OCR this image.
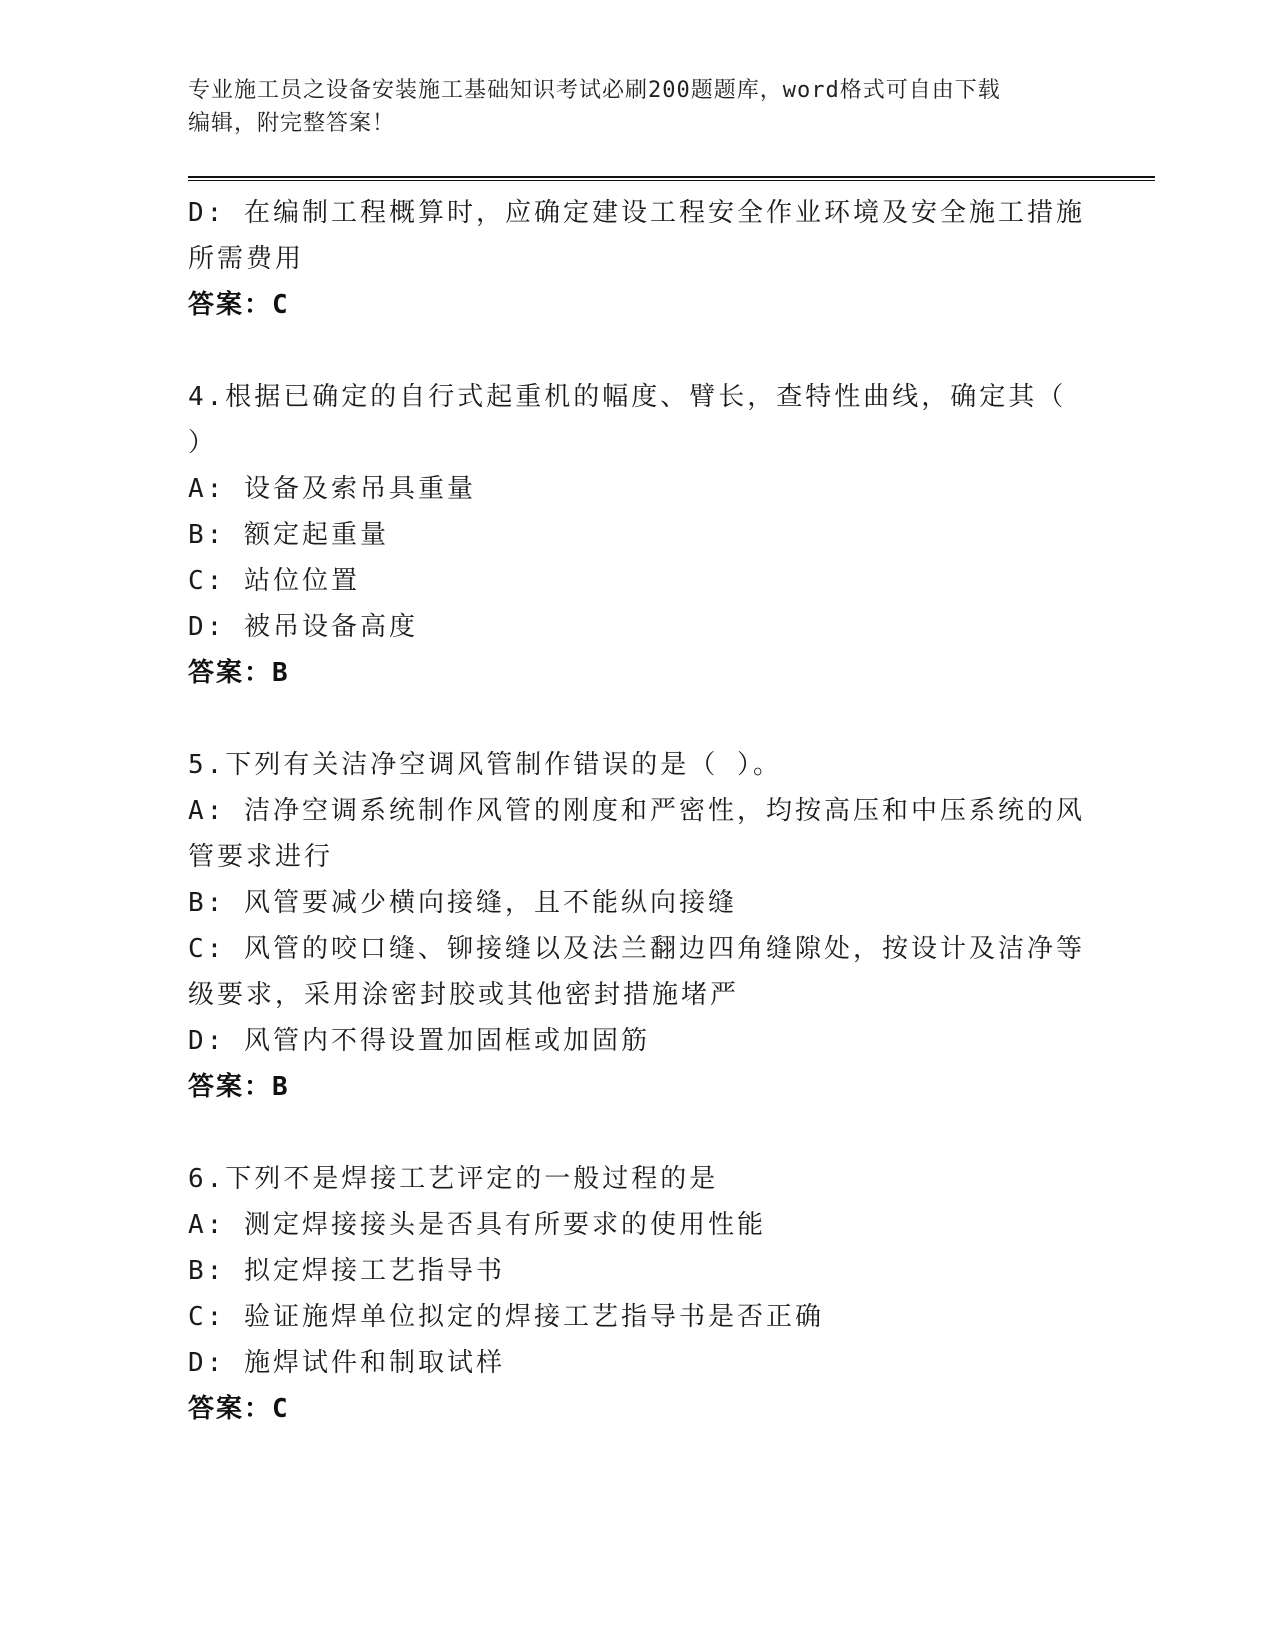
专业施工员之设备安装施工基础知识考试必刷200题题库，word格式可自由下载
编辑，附完整答案！
D: 在编制工程概算时，应确定建设工程安全作业环境及安全施工措施
所需费用
答案：C
4.根据已确定的自行式起重机的幅度、臂长，查特性曲线，确定其（
）
A: 设备及索吊具重量
B: 额定起重量
C: 站位位置
D: 被吊设备高度
答案：B
5.下列有关洁净空调风管制作错误的是（ ）。
A: 洁净空调系统制作风管的刚度和严密性，均按高压和中压系统的风
管要求进行
B: 风管要减少横向接缝，且不能纵向接缝
C: 风管的咬口缝、铆接缝以及法兰翻边四角缝隙处，按设计及洁净等
级要求，采用涂密封胶或其他密封措施堵严
D: 风管内不得设置加固框或加固筋
答案：B
6.下列不是焊接工艺评定的一般过程的是
A: 测定焊接接头是否具有所要求的使用性能
B: 拟定焊接工艺指导书
C: 验证施焊单位拟定的焊接工艺指导书是否正确
D: 施焊试件和制取试样
答案：C
